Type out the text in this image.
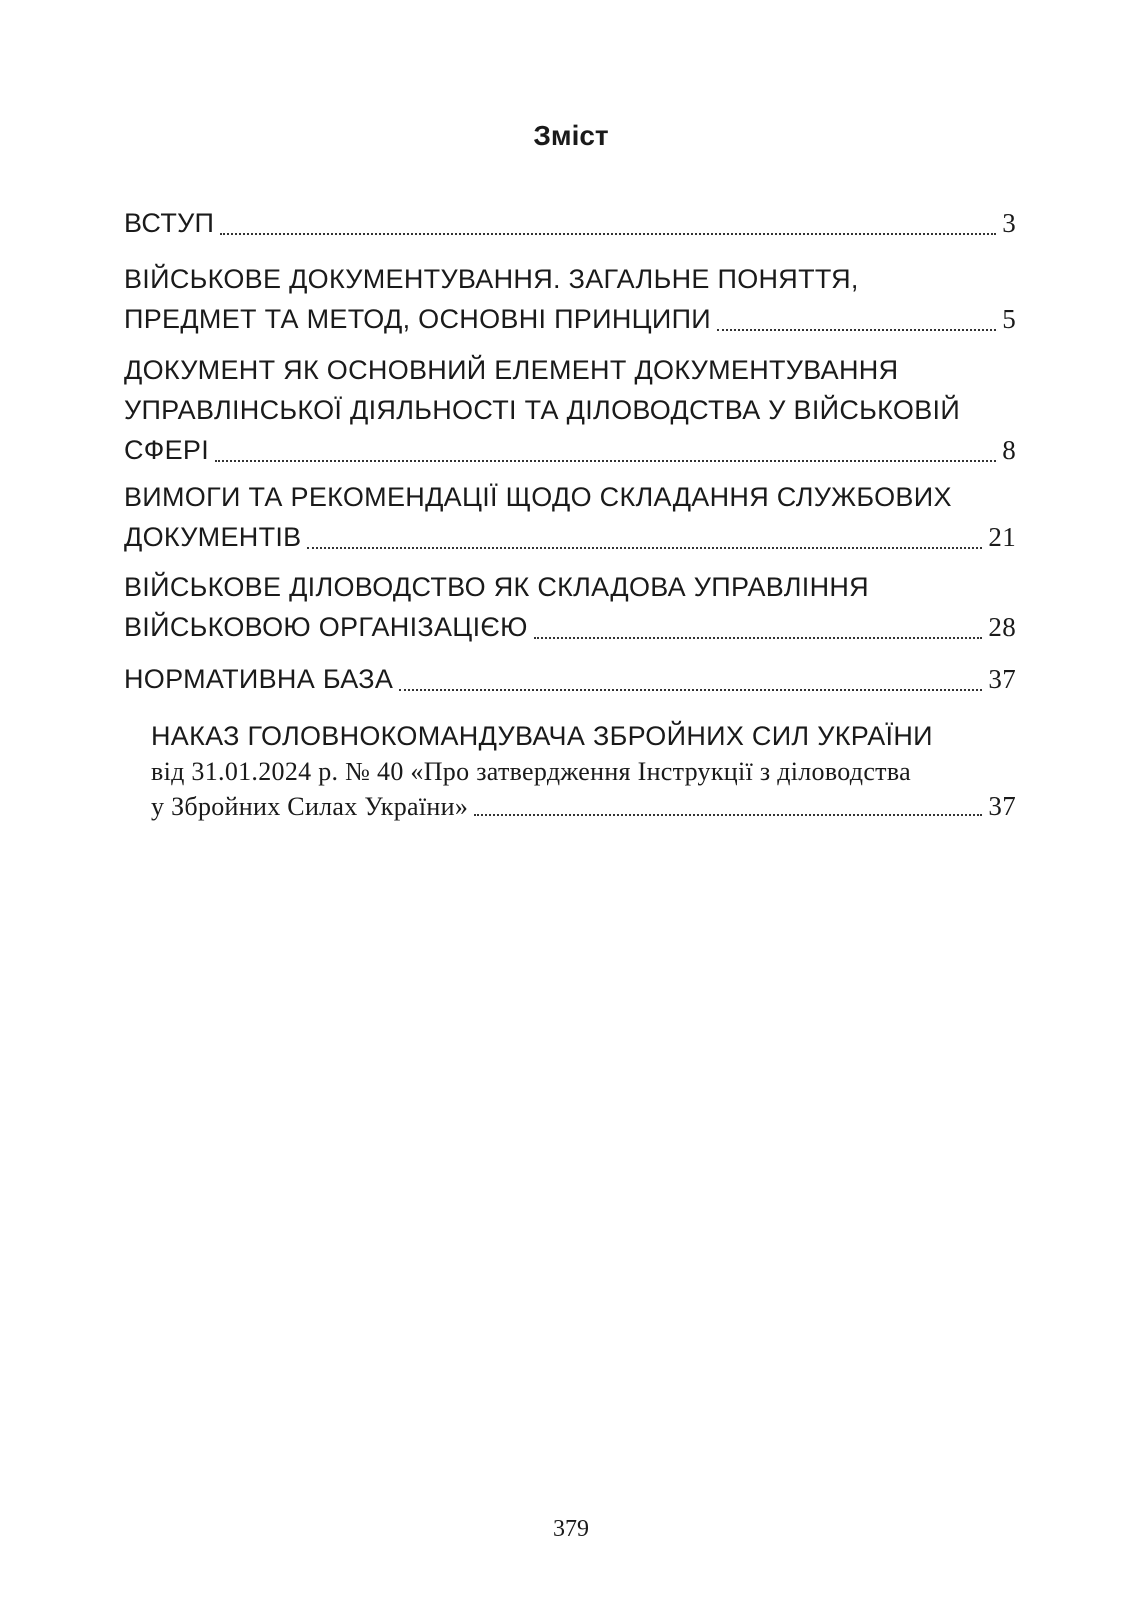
Зміст
ВСТУП	3
ВІЙСЬКОВЕ ДОКУМЕНТУВАННЯ. ЗАГАЛЬНЕ ПОНЯТТЯ,
ПРЕДМЕТ ТА МЕТОД, ОСНОВНІ ПРИНЦИПИ	5
ДОКУМЕНТ ЯК ОСНОВНИЙ ЕЛЕМЕНТ ДОКУМЕНТУВАННЯ
УПРАВЛІНСЬКОЇ ДІЯЛЬНОСТІ ТА ДІЛОВОДСТВА У ВІЙСЬКОВІЙ
СФЕРІ	8
ВИМОГИ ТА РЕКОМЕНДАЦІЇ ЩОДО СКЛАДАННЯ СЛУЖБОВИХ
ДОКУМЕНТІВ	21
ВІЙСЬКОВЕ ДІЛОВОДСТВО ЯК СКЛАДОВА УПРАВЛІННЯ
ВІЙСЬКОВОЮ ОРГАНІЗАЦІЄЮ	28
НОРМАТИВНА БАЗА	37
НАКАЗ ГОЛОВНОКОМАНДУВАЧА ЗБРОЙНИХ СИЛ УКРАЇНИ
від 31.01.2024 р. № 40 «Про затвердження Інструкції з діловодства
у Збройних Силах України»	37
379
